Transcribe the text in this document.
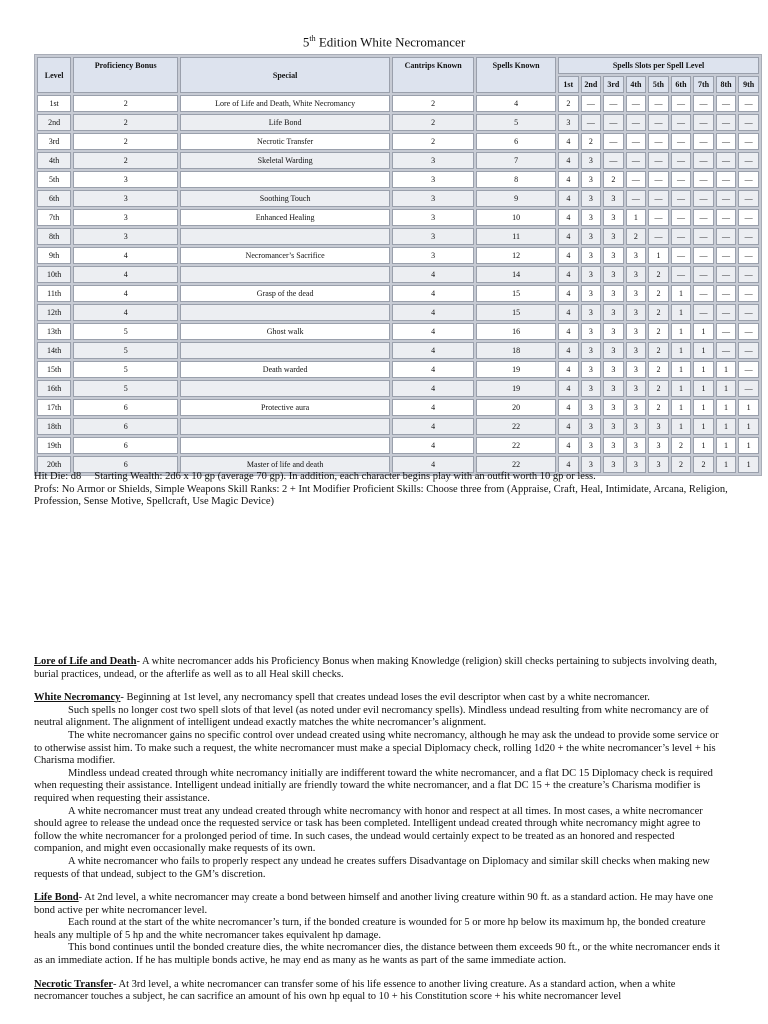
5th Edition White Necromancer
Level	Proficiency Bonus	Special	Cantrips Known	Spells Known	Spells Slots per Spell Level								
					1st	2nd	3rd	4th	5th	6th	7th	8th	9th
1st	2	Lore of Life and Death, White Necromancy	2	4	2	—	—	—	—	—	—	—	—
2nd	2	Life Bond	2	5	3	—	—	—	—	—	—	—	—
3rd	2	Necrotic Transfer	2	6	4	2	—	—	—	—	—	—	—
4th	2	Skeletal Warding	3	7	4	3	—	—	—	—	—	—	—
5th	3		3	8	4	3	2	—	—	—	—	—	—
6th	3	Soothing Touch	3	9	4	3	3	—	—	—	—	—	—
7th	3	Enhanced Healing	3	10	4	3	3	1	—	—	—	—	—
8th	3		3	11	4	3	3	2	—	—	—	—	—
9th	4	Necromancer’s Sacrifice	3	12	4	3	3	3	1	—	—	—	—
10th	4		4	14	4	3	3	3	2	—	—	—	—
11th	4	Grasp of the dead	4	15	4	3	3	3	2	1	—	—	—
12th	4		4	15	4	3	3	3	2	1	—	—	—
13th	5	Ghost walk	4	16	4	3	3	3	2	1	1	—	—
14th	5		4	18	4	3	3	3	2	1	1	—	—
15th	5	Death warded	4	19	4	3	3	3	2	1	1	1	—
16th	5		4	19	4	3	3	3	2	1	1	1	—
17th	6	Protective aura	4	20	4	3	3	3	2	1	1	1	1
18th	6		4	22	4	3	3	3	3	1	1	1	1
19th	6		4	22	4	3	3	3	3	2	1	1	1
20th	6	Master of life and death	4	22	4	3	3	3	3	2	2	1	1
Hit Die: d8     Starting Wealth: 2d6 x 10 gp (average 70 gp). In addition, each character begins play with an outfit worth 10 gp or less.
Profs: No Armor or Shields, Simple Weapons Skill Ranks: 2 + Int Modifier Proficient Skills: Choose three from (Appraise, Craft, Heal, Intimidate, Arcana, Religion, Profession, Sense Motive, Spellcraft, Use Magic Device)

Lore of Life and Death- A white necromancer adds his Proficiency Bonus when making Knowledge (religion) skill checks pertaining to subjects involving death, burial practices, undead, or the afterlife as well as to all Heal skill checks.

White Necromancy- Beginning at 1st level, any necromancy spell that creates undead loses the evil descriptor when cast by a white necromancer.

Such spells no longer cost two spell slots of that level (as noted under evil necromancy spells). Mindless undead resulting from white necromancy are of neutral alignment. The alignment of intelligent undead exactly matches the white necromancer’s alignment.

The white necromancer gains no specific control over undead created using white necromancy, although he may ask the undead to provide some service or to otherwise assist him. To make such a request, the white necromancer must make a special Diplomacy check, rolling 1d20 + the white necromancer’s level + his Charisma modifier.

Mindless undead created through white necromancy initially are indifferent toward the white necromancer, and a flat DC 15 Diplomacy check is required when requesting their assistance. Intelligent undead initially are friendly toward the white necromancer, and a flat DC 15 + the creature’s Charisma modifier is required when requesting their assistance.

A white necromancer must treat any undead created through white necromancy with honor and respect at all times. In most cases, a white necromancer should agree to release the undead once the requested service or task has been completed. Intelligent undead created through white necromancy might agree to follow the white necromancer for a prolonged period of time. In such cases, the undead would certainly expect to be treated as an honored and respected companion, and might even occasionally make requests of its own.

A white necromancer who fails to properly respect any undead he creates suffers Disadvantage on Diplomacy and similar skill checks when making new requests of that undead, subject to the GM’s discretion.

Life Bond- At 2nd level, a white necromancer may create a bond between himself and another living creature within 90 ft. as a standard action. He may have one bond active per white necromancer level.

Each round at the start of the white necromancer’s turn, if the bonded creature is wounded for 5 or more hp below its maximum hp, the bonded creature heals any multiple of 5 hp and the white necromancer takes equivalent hp damage.

This bond continues until the bonded creature dies, the white necromancer dies, the distance between them exceeds 90 ft., or the white necromancer ends it as an immediate action. If he has multiple bonds active, he may end as many as he wants as part of the same immediate action.

Necrotic Transfer- At 3rd level, a white necromancer can transfer some of his life essence to another living creature. As a standard action, when a white necromancer touches a subject, he can sacrifice an amount of his own hp equal to 10 + his Constitution score + his white necromancer level
